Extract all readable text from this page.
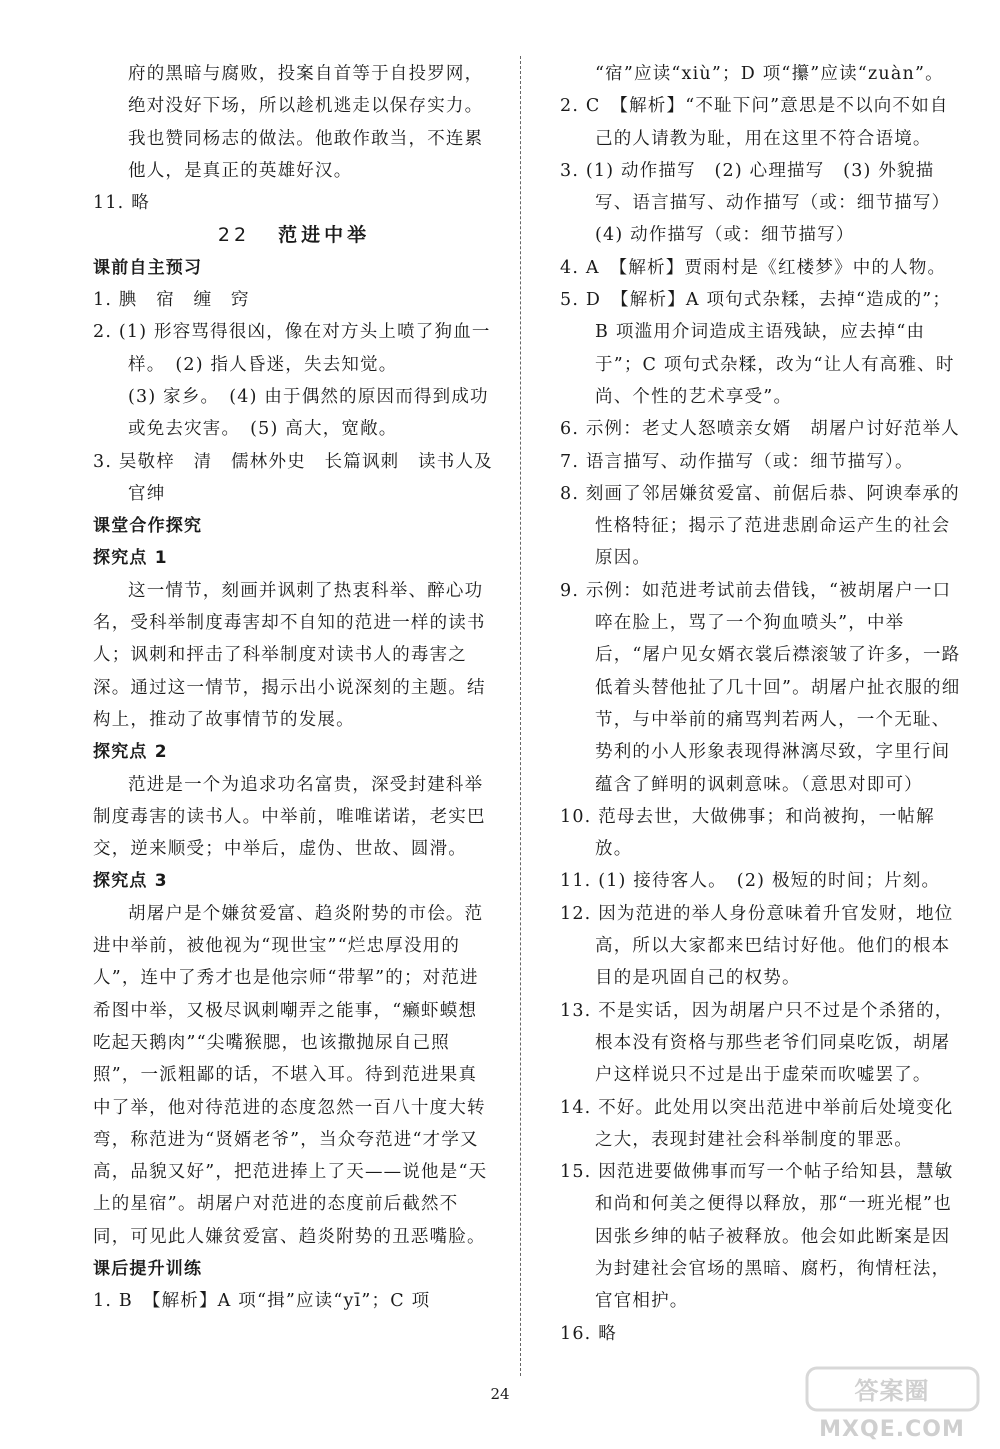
府的黑暗与腐败，投案自首等于自投罗网，

绝对没好下场，所以趁机逃走以保存实力。

我也赞同杨志的做法。他敢作敢当，不连累

他人，是真正的英雄好汉。

11. 略

22 范进中举

课前自主预习

1. 腆　宿　缠　窍

2. (1) 形容骂得很凶，像在对方头上喷了狗血一样。　(2) 指人昏迷，失去知觉。

(3) 家乡。　(4) 由于偶然的原因而得到成功或免去灾害。　(5) 高大，宽敞。

3. 吴敬梓　清　儒林外史　长篇讽刺　读书人及官绅

课堂合作探究

探究点 1

这一情节，刻画并讽刺了热衷科举、醉心功名，受科举制度毒害却不自知的范进一样的读书人；讽刺和抨击了科举制度对读书人的毒害之深。通过这一情节，揭示出小说深刻的主题。结构上，推动了故事情节的发展。

探究点 2

范进是一个为追求功名富贵，深受封建科举制度毒害的读书人。中举前，唯唯诺诺，老实巴交，逆来顺受；中举后，虚伪、世故、圆滑。

探究点 3

胡屠户是个嫌贫爱富、趋炎附势的市侩。范进中举前，被他视为“现世宝”“烂忠厚没用的人”，连中了秀才也是他宗师“带挈”的；对范进希图中举，又极尽讽刺嘲弄之能事，“癞虾蟆想吃起天鹅肉”“尖嘴猴腮，也该撒抛尿自己照照”，一派粗鄙的话，不堪入耳。待到范进果真中了举，他对待范进的态度忽然一百八十度大转弯，称范进为“贤婿老爷”，当众夸范进“才学又高，品貌又好”，把范进捧上了天——说他是“天上的星宿”。胡屠户对范进的态度前后截然不同，可见此人嫌贫爱富、趋炎附势的丑恶嘴脸。

课后提升训练

1. B　【解析】A 项“揖”应读“yī”；C 项

“宿”应读“xiù”；D 项“攥”应读“zuàn”。

2. C　【解析】“不耻下问”意思是不以向不如自己的人请教为耻，用在这里不符合语境。

3. (1) 动作描写　(2) 心理描写　(3) 外貌描写、语言描写、动作描写（或：细节描写）

(4) 动作描写（或：细节描写）

4. A　【解析】贾雨村是《红楼梦》中的人物。

5. D　【解析】A 项句式杂糅，去掉“造成的”；B 项滥用介词造成主语残缺，应去掉“由于”；C 项句式杂糅，改为“让人有高雅、时尚、个性的艺术享受”。

6. 示例：老丈人怒喷亲女婿　胡屠户讨好范举人

7. 语言描写、动作描写（或：细节描写）。

8. 刻画了邻居嫌贫爱富、前倨后恭、阿谀奉承的性格特征；揭示了范进悲剧命运产生的社会原因。

9. 示例：如范进考试前去借钱，“被胡屠户一口啐在脸上，骂了一个狗血喷头”，中举后，“屠户见女婿衣裳后襟滚皱了许多，一路低着头替他扯了几十回”。胡屠户扯衣服的细节，与中举前的痛骂判若两人，一个无耻、势利的小人形象表现得淋漓尽致，字里行间蕴含了鲜明的讽刺意味。（意思对即可）

10. 范母去世，大做佛事；和尚被拘，一帖解放。

11. (1) 接待客人。　(2) 极短的时间；片刻。

12. 因为范进的举人身份意味着升官发财，地位高，所以大家都来巴结讨好他。他们的根本目的是巩固自己的权势。

13. 不是实话，因为胡屠户只不过是个杀猪的，根本没有资格与那些老爷们同桌吃饭，胡屠户这样说只不过是出于虚荣而吹嘘罢了。

14. 不好。此处用以突出范进中举前后处境变化之大，表现封建社会科举制度的罪恶。

15. 因范进要做佛事而写一个帖子给知县，慧敏和尚和何美之便得以释放，那“一班光棍”也因张乡绅的帖子被释放。他会如此断案是因为封建社会官场的黑暗、腐朽，徇情枉法，官官相护。

16. 略

24	答案圈
MXQE.COM
